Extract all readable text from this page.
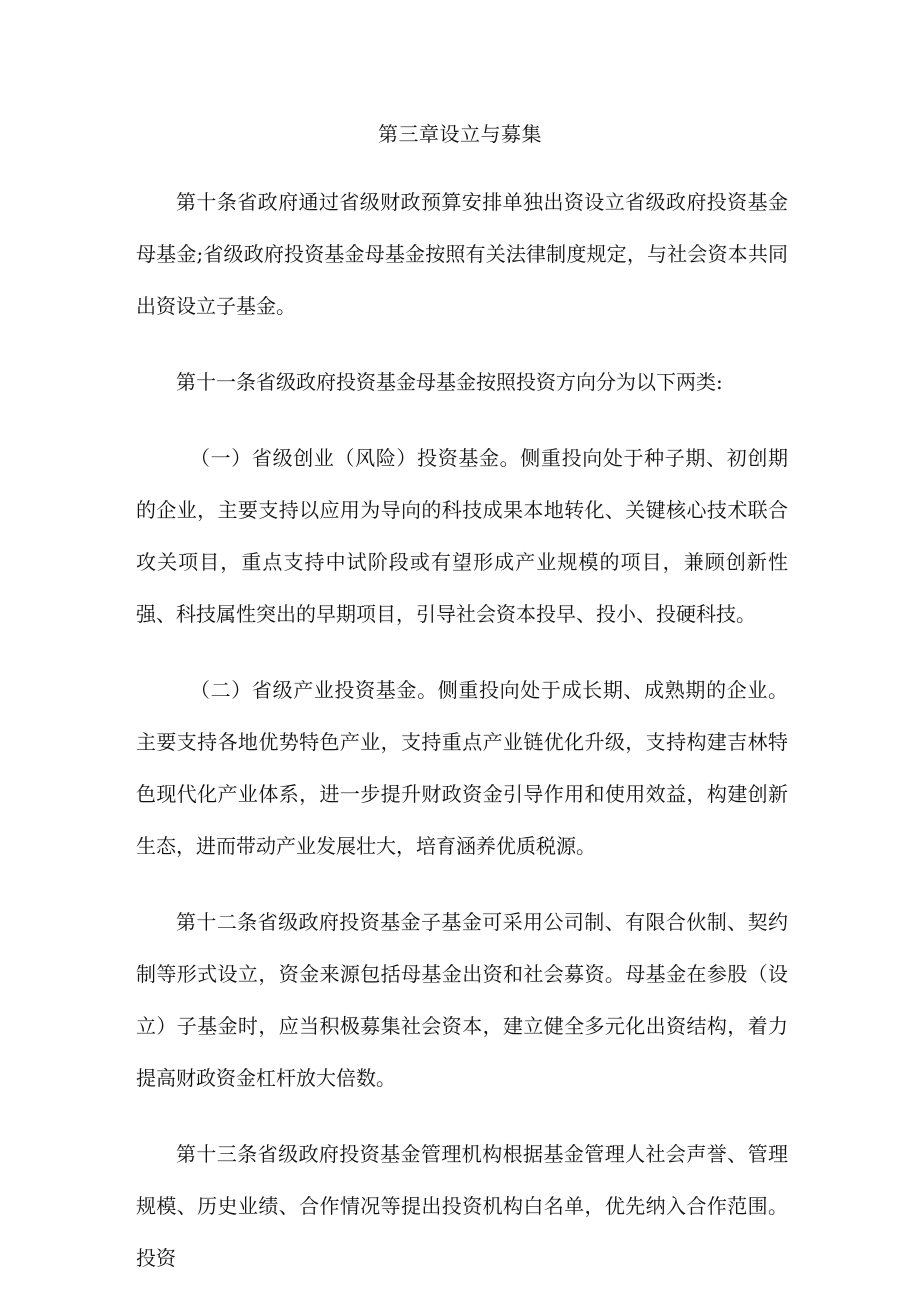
第三章设立与募集

第十条省政府通过省级财政预算安排单独出资设立省级政府投资基金母基金;省级政府投资基金母基金按照有关法律制度规定，与社会资本共同出资设立子基金。

第十一条省级政府投资基金母基金按照投资方向分为以下两类:

（一）省级创业（风险）投资基金。侧重投向处于种子期、初创期的企业，主要支持以应用为导向的科技成果本地转化、关键核心技术联合攻关项目，重点支持中试阶段或有望形成产业规模的项目，兼顾创新性强、科技属性突出的早期项目，引导社会资本投早、投小、投硬科技。

（二）省级产业投资基金。侧重投向处于成长期、成熟期的企业。主要支持各地优势特色产业，支持重点产业链优化升级，支持构建吉林特色现代化产业体系，进一步提升财政资金引导作用和使用效益，构建创新生态，进而带动产业发展壮大，培育涵养优质税源。

第十二条省级政府投资基金子基金可采用公司制、有限合伙制、契约制等形式设立，资金来源包括母基金出资和社会募资。母基金在参股（设立）子基金时，应当积极募集社会资本，建立健全多元化出资结构，着力提高财政资金杠杆放大倍数。

第十三条省级政府投资基金管理机构根据基金管理人社会声誉、管理规模、历史业绩、合作情况等提出投资机构白名单，优先纳入合作范围。投资
